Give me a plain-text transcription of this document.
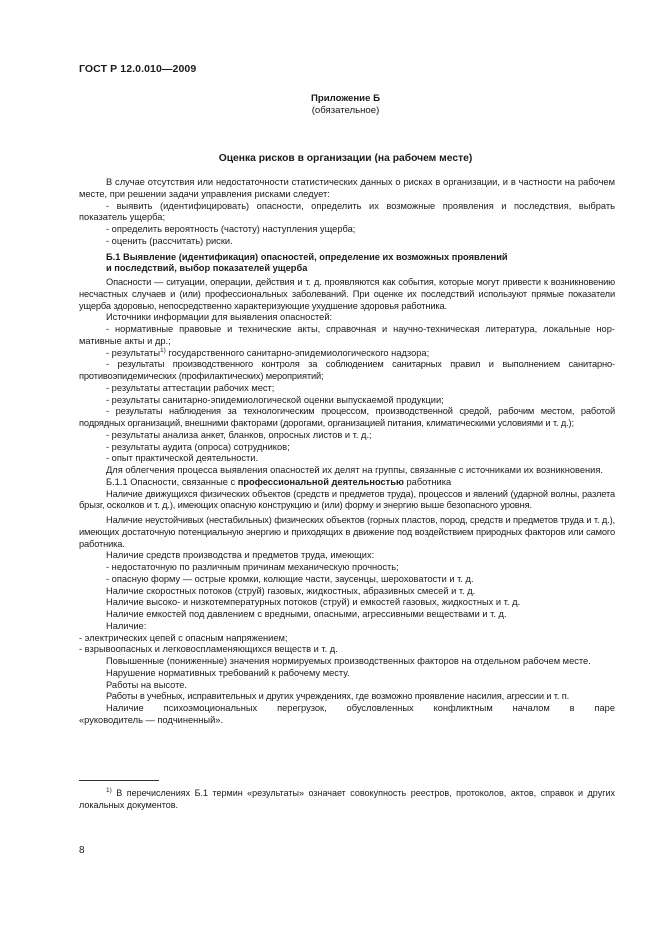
ГОСТ Р 12.0.010—2009
Приложение Б
(обязательное)
Оценка рисков в организации (на рабочем месте)

В случае отсутствия или недостаточности статистических данных о рисках в организации, и в частности на рабочем месте, при решении задачи управления рисками следует:

- выявить (идентифицировать) опасности, определить их возможные проявления и последствия, выбрать показатель ущерба;

- определить вероятность (частоту) наступления ущерба;

- оценить (рассчитать) риски.

Б.1 Выявление (идентификация) опасностей, определение их возможных проявлений

и последствий, выбор показателей ущерба

Опасности — ситуации, операции, действия и т. д. проявляются как события, которые могут привести к возникновению несчастных случаев и (или) профессиональных заболеваний. При оценке их последствий используют прямые показатели ущерба здоровью, непосредственно характеризующие ухудшение здоровья работника.

Источники информации для выявления опасностей:

- нормативные правовые и технические акты, справочная и научно-техническая литература, локальные нормативные акты и др.;

- результаты$^{1)}$ государственного санитарно-эпидемиологического надзора;

- результаты производственного контроля за соблюдением санитарных правил и выполнением санитарно-противоэпидемических (профилактических) мероприятий;

- результаты аттестации рабочих мест;

- результаты санитарно-эпидемиологической оценки выпускаемой продукции;

- результаты наблюдения за технологическим процессом, производственной средой, рабочим местом, работой подрядных организаций, внешними факторами (дорогами, организацией питания, климатическими условиями и т. д.);

- результаты анализа анкет, бланков, опросных листов и т. д.;

- результаты аудита (опроса) сотрудников;

- опыт практической деятельности.

Для облегчения процесса выявления опасностей их делят на группы, связанные с источниками их возникновения.

Б.1.1 Опасности, связанные с профессиональной деятельностью работника

Наличие движущихся физических объектов (средств и предметов труда), процессов и явлений (ударной волны, разлета брызг, осколков и т. д.), имеющих опасную конструкцию и (или) форму и энергию выше безопасного уровня.

Наличие неустойчивых (нестабильных) физических объектов (горных пластов, пород, средств и предметов труда и т. д.), имеющих достаточную потенциальную энергию и приходящих в движение под воздействием природных факторов или самого работника.

Наличие средств производства и предметов труда, имеющих:

- недостаточную по различным причинам механическую прочность;

- опасную форму — острые кромки, колющие части, заусенцы, шероховатости и т. д.

Наличие скоростных потоков (струй) газовых, жидкостных, абразивных смесей и т. д.

Наличие высоко- и низкотемпературных потоков (струй) и емкостей газовых, жидкостных и т. д.

Наличие емкостей под давлением с вредными, опасными, агрессивными веществами и т. д.

Наличие:

- электрических цепей с опасным напряжением;

- взрывоопасных и легковоспламеняющихся веществ и т. д.

Повышенные (пониженные) значения нормируемых производственных факторов на отдельном рабочем месте.

Нарушение нормативных требований к рабочему месту.

Работы на высоте.

Работы в учебных, исправительных и других учреждениях, где возможно проявление насилия, агрессии и т. п.

Наличие психоэмоциональных перегрузок, обусловленных конфликтным началом в паре

«руководитель — подчиненный».

$^{1)}$ В перечислениях Б.1 термин «результаты» означает совокупность реестров, протоколов, актов, справок и других локальных документов.
8
